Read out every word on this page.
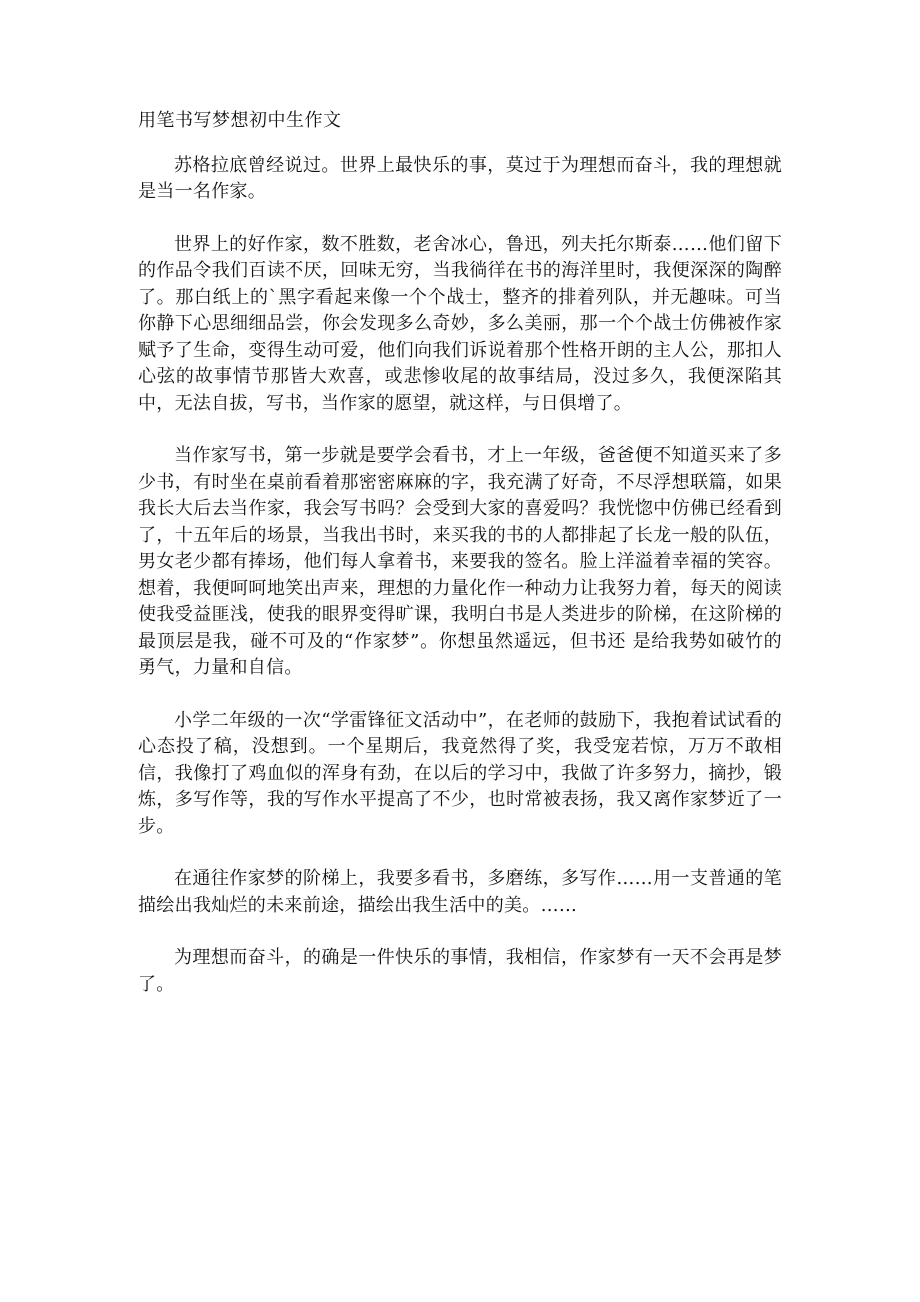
用笔书写梦想初中生作文

苏格拉底曾经说过。世界上最快乐的事，莫过于为理想而奋斗，我的理想就是当一名作家。

世界上的好作家，数不胜数，老舍冰心，鲁迅，列夫托尔斯泰……他们留下的作品令我们百读不厌，回味无穷，当我徜徉在书的海洋里时，我便深深的陶醉了。那白纸上的`黑字看起来像一个个战士，整齐的排着列队，并无趣味。可当你静下心思细细品尝，你会发现多么奇妙，多么美丽，那一个个战士仿佛被作家赋予了生命，变得生动可爱，他们向我们诉说着那个性格开朗的主人公，那扣人心弦的故事情节那皆大欢喜，或悲惨收尾的故事结局，没过多久，我便深陷其中，无法自拔，写书，当作家的愿望，就这样，与日俱增了。

当作家写书，第一步就是要学会看书，才上一年级，爸爸便不知道买来了多少书，有时坐在桌前看着那密密麻麻的字，我充满了好奇，不尽浮想联篇，如果我长大后去当作家，我会写书吗？会受到大家的喜爱吗？我恍惚中仿佛已经看到了，十五年后的场景，当我出书时，来买我的书的人都排起了长龙一般的队伍，男女老少都有捧场，他们每人拿着书，来要我的签名。脸上洋溢着幸福的笑容。想着，我便呵呵地笑出声来，理想的力量化作一种动力让我努力着，每天的阅读使我受益匪浅，使我的眼界变得旷课，我明白书是人类进步的阶梯，在这阶梯的最顶层是我，碰不可及的“作家梦”。你想虽然遥远，但书还 是给我势如破竹的勇气，力量和自信。

小学二年级的一次“学雷锋征文活动中”，在老师的鼓励下，我抱着试试看的心态投了稿，没想到。一个星期后，我竟然得了奖，我受宠若惊，万万不敢相信，我像打了鸡血似的浑身有劲，在以后的学习中，我做了许多努力，摘抄，锻炼，多写作等，我的写作水平提高了不少，也时常被表扬，我又离作家梦近了一步。

在通往作家梦的阶梯上，我要多看书，多磨练，多写作……用一支普通的笔描绘出我灿烂的未来前途，描绘出我生活中的美。……

为理想而奋斗，的确是一件快乐的事情，我相信，作家梦有一天不会再是梦了。
